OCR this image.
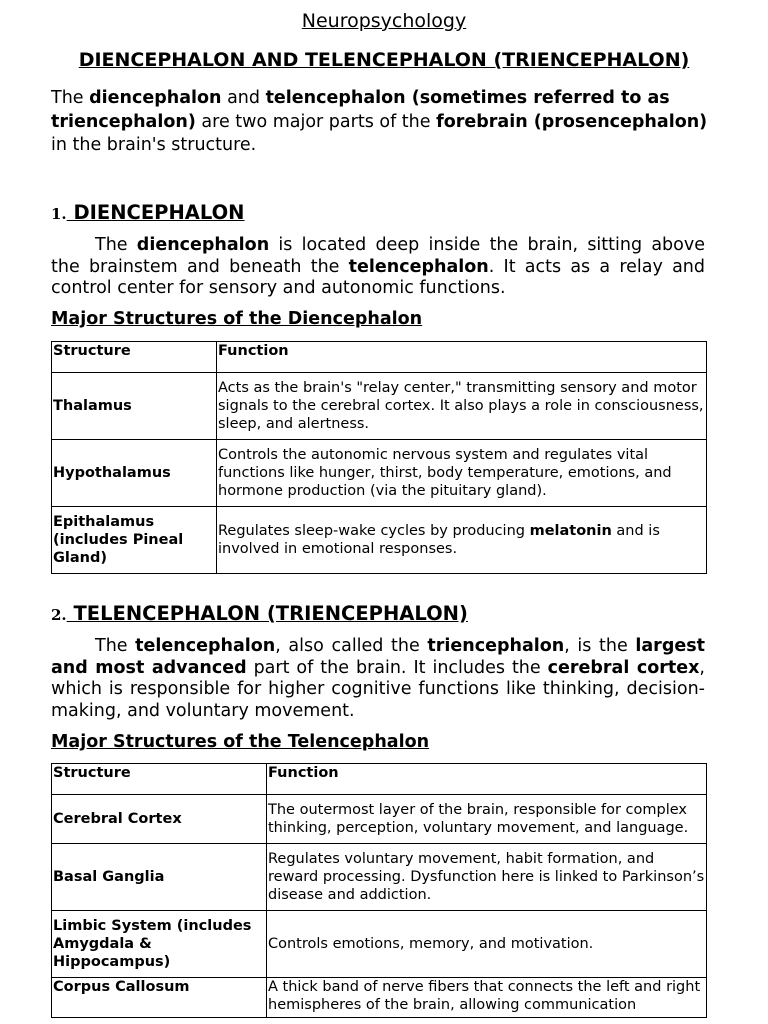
Neuropsychology
DIENCEPHALON AND TELENCEPHALON (TRIENCEPHALON)
The diencephalon and telencephalon (sometimes referred to as triencephalon) are two major parts of the forebrain (prosencephalon) in the brain's structure.
1. DIENCEPHALON
The diencephalon is located deep inside the brain, sitting above the brainstem and beneath the telencephalon. It acts as a relay and control center for sensory and autonomic functions.
Major Structures of the Diencephalon
Structure	Function
Thalamus	Acts as the brain's "relay center," transmitting sensory and motor signals to the cerebral cortex. It also plays a role in consciousness, sleep, and alertness.
Hypothalamus	Controls the autonomic nervous system and regulates vital functions like hunger, thirst, body temperature, emotions, and hormone production (via the pituitary gland).
Epithalamus (includes Pineal Gland)	Regulates sleep-wake cycles by producing melatonin and is involved in emotional responses.
2. TELENCEPHALON (TRIENCEPHALON)
The telencephalon, also called the triencephalon, is the largest and most advanced part of the brain. It includes the cerebral cortex, which is responsible for higher cognitive functions like thinking, decision-making, and voluntary movement.
Major Structures of the Telencephalon
Structure	Function
Cerebral Cortex	The outermost layer of the brain, responsible for complex thinking, perception, voluntary movement, and language.
Basal Ganglia	Regulates voluntary movement, habit formation, and reward processing. Dysfunction here is linked to Parkinson’s disease and addiction.
Limbic System (includes Amygdala & Hippocampus)	Controls emotions, memory, and motivation.
Corpus Callosum	A thick band of nerve fibers that connects the left and right hemispheres of the brain, allowing communication
